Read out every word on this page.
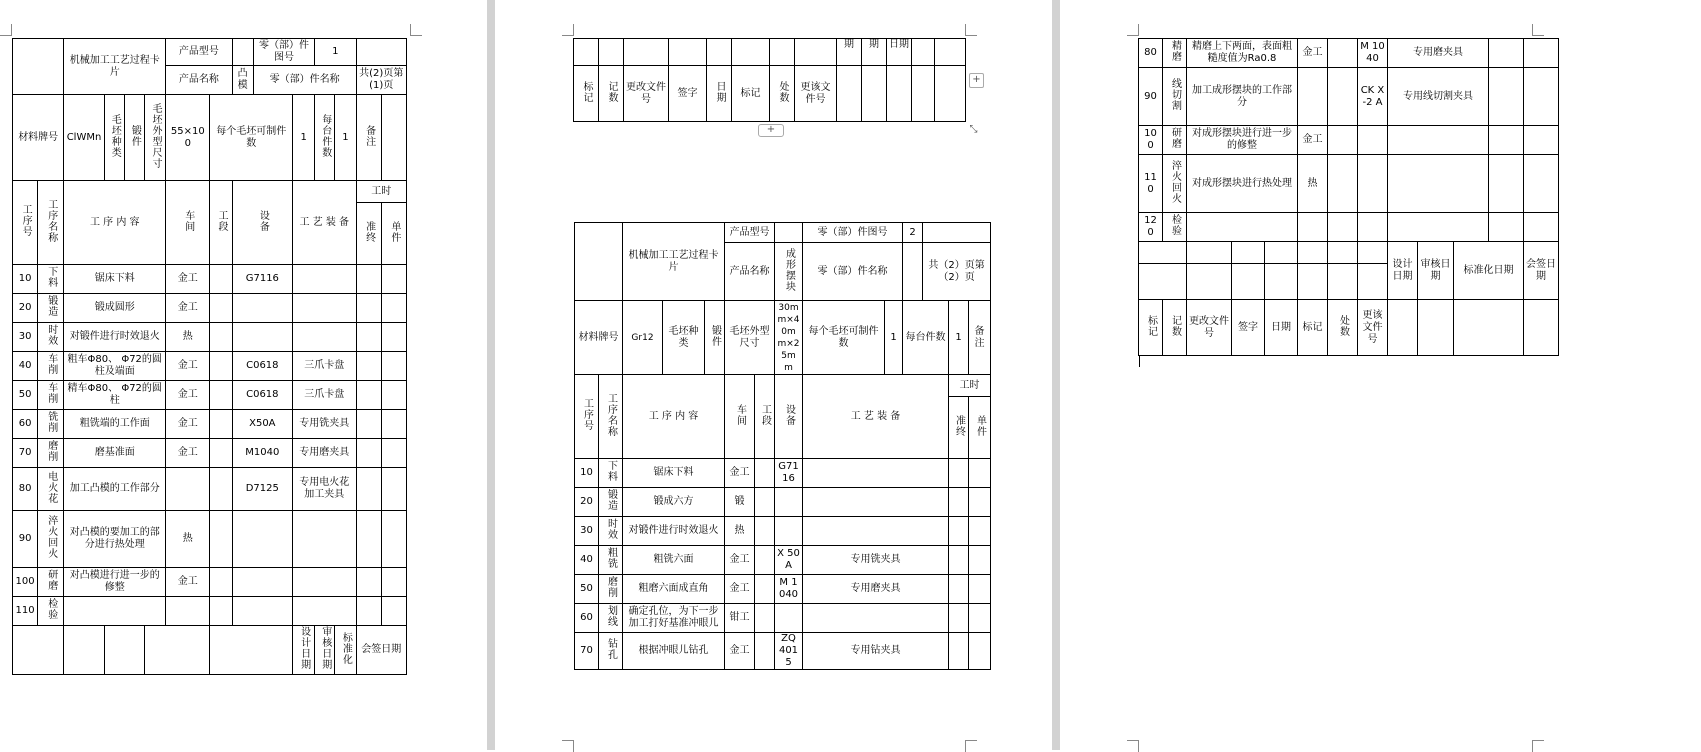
		机械加工工艺过程卡片				产品型号			零（部）件图号		1			
						产品名称		凸模	零（部）件名称				共(2)页第(1)页	
材料牌号		ClWMn	毛坯种类	锻件	毛坯外型尺寸	55×100	每个毛坯可制件数			1	每台件数	1	备注	
工序号	工序名称	工 序 内 容				车间	工段	设备		工 艺 装 备			工时	
													准终	单件
10	下料	锯床下料				金工		G7116						
20	锻造	锻成圆形				金工								
30	时效	对锻件进行时效退火				热								
40	车削	粗车Φ80、 Φ72的圆柱及端面				金工		C0618		三爪卡盘				
50	车削	精车Φ80、 Φ72的圆柱				金工		C0618		三爪卡盘				
60	铣削	粗铣端的工作面				金工		X50A		专用铣夹具				
70	磨削	磨基准面				金工		M1040		专用磨夹具				
80	电火花	加工凸模的工作部分						D7125		专用电火花加工夹具				
90	淬火回火	对凸模的要加工的部分进行热处理				热								
100	研磨	对凸模进行进一步的修整				金工								
110	检验													
										设计日期	审核日期	标准化	会签日期	
								期	期	日期		
标记	记数	更改文件号	签字	日期	标记	处数	更该文件号					
+
+	⤡
		机械加工工艺过程卡片			产品型号			零（部）件图号		2			
					产品名称		成形摆块	零（部）件名称			共（2）页第（2）页		
材料牌号		Gr12	毛坯种类	锻件	毛坯外型尺寸		30mm×40mm×25mm	每个毛坯可制件数	1	每台件数		1	备注
工序号	工序名称	工 序 内 容			车间	工段	设备	工 艺 装 备				工时	
												准终	单件
10	下料	锯床下料			金工		G7116						
20	锻造	锻成六方			锻								
30	时效	对锻件进行时效退火			热								
40	粗铣	粗铣六面			金工		X 50A	专用铣夹具					
50	磨削	粗磨六面成直角			金工		M 1040	专用磨夹具					
60	划线	确定孔位，为下一步加工打好基准冲眼儿			钳工								
70	钻孔	根据冲眼儿钻孔			金工		ZQ 4015	专用钻夹具					
80	精磨	精磨上下两面，表面粗糙度值为Ra0.8			金工		M 1040	专用磨夹具				
90	线切割	加工成形摆块的工作部分					CK X-2 A	专用线切割夹具				
100	研磨	对成形摆块进行进一步的修整			金工							
110	淬火回火	对成形摆块进行热处理			热							
120	检验											
								设计日期	审核日期	标准化日期		会签日期

标记	记数	更改文件号	签字	日期	标记	处数	更该文件号					
